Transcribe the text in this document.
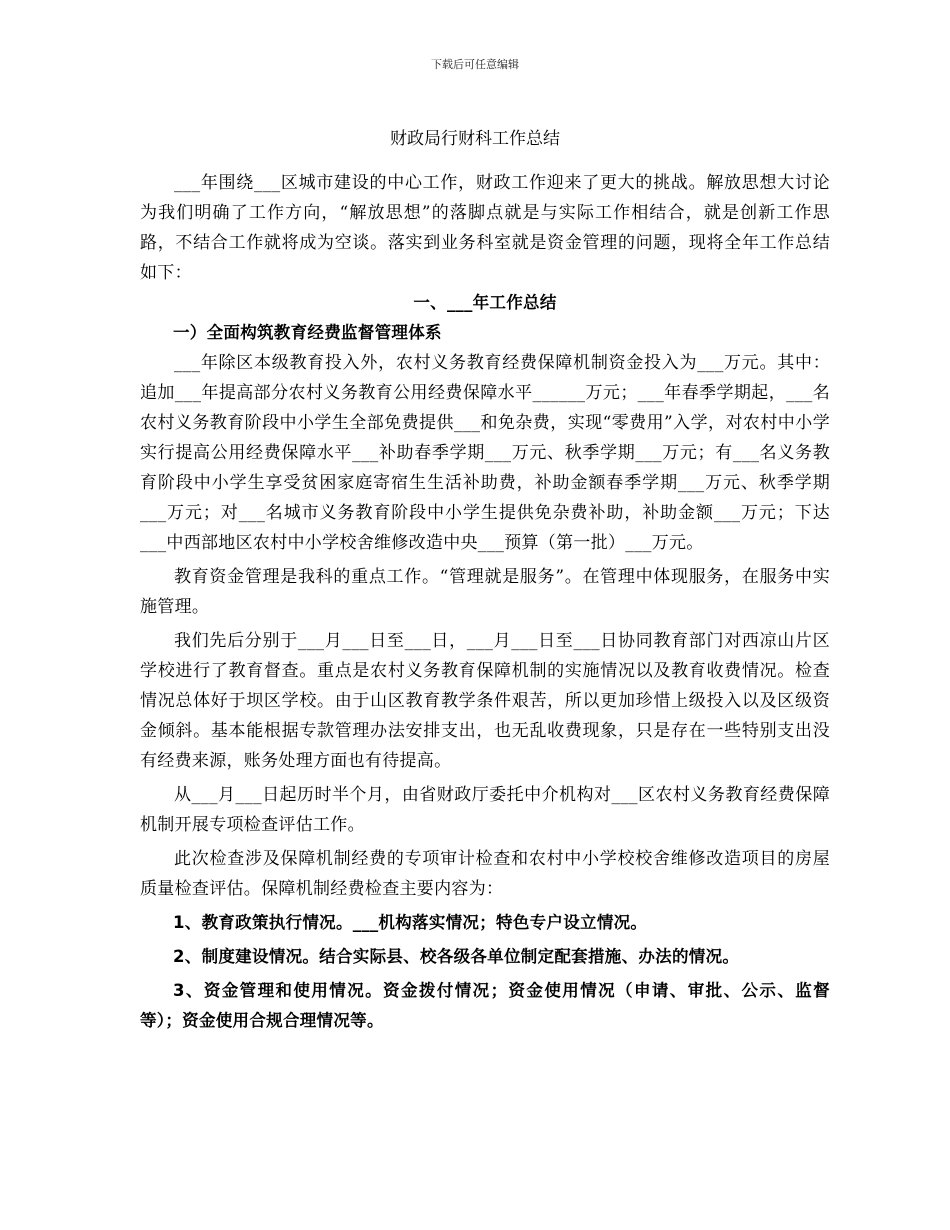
下载后可任意编辑
财政局行财科工作总结

___年围绕___区城市建设的中心工作，财政工作迎来了更大的挑战。解放思想大讨论为我们明确了工作方向，“解放思想”的落脚点就是与实际工作相结合，就是创新工作思路，不结合工作就将成为空谈。落实到业务科室就是资金管理的问题，现将全年工作总结如下：

一、___年工作总结

一）全面构筑教育经费监督管理体系

___年除区本级教育投入外，农村义务教育经费保障机制资金投入为___万元。其中：追加___年提高部分农村义务教育公用经费保障水平______万元；___年春季学期起，___名农村义务教育阶段中小学生全部免费提供___和免杂费，实现“零费用”入学，对农村中小学实行提高公用经费保障水平___补助春季学期___万元、秋季学期___万元；有___名义务教育阶段中小学生享受贫困家庭寄宿生生活补助费，补助金额春季学期___万元、秋季学期___万元；对___名城市义务教育阶段中小学生提供免杂费补助，补助金额___万元；下达___中西部地区农村中小学校舍维修改造中央___预算（第一批）___万元。

教育资金管理是我科的重点工作。“管理就是服务”。在管理中体现服务，在服务中实施管理。

我们先后分别于___月___日至___日，___月___日至___日协同教育部门对西凉山片区学校进行了教育督查。重点是农村义务教育保障机制的实施情况以及教育收费情况。检查情况总体好于坝区学校。由于山区教育教学条件艰苦，所以更加珍惜上级投入以及区级资金倾斜。基本能根据专款管理办法安排支出，也无乱收费现象，只是存在一些特别支出没有经费来源，账务处理方面也有待提高。

从___月___日起历时半个月，由省财政厅委托中介机构对___区农村义务教育经费保障机制开展专项检查评估工作。

此次检查涉及保障机制经费的专项审计检查和农村中小学校校舍维修改造项目的房屋质量检查评估。保障机制经费检查主要内容为：

1、教育政策执行情况。___机构落实情况；特色专户设立情况。

2、制度建设情况。结合实际县、校各级各单位制定配套措施、办法的情况。

3、资金管理和使用情况。资金拨付情况；资金使用情况（申请、审批、公示、监督等）；资金使用合规合理情况等。
